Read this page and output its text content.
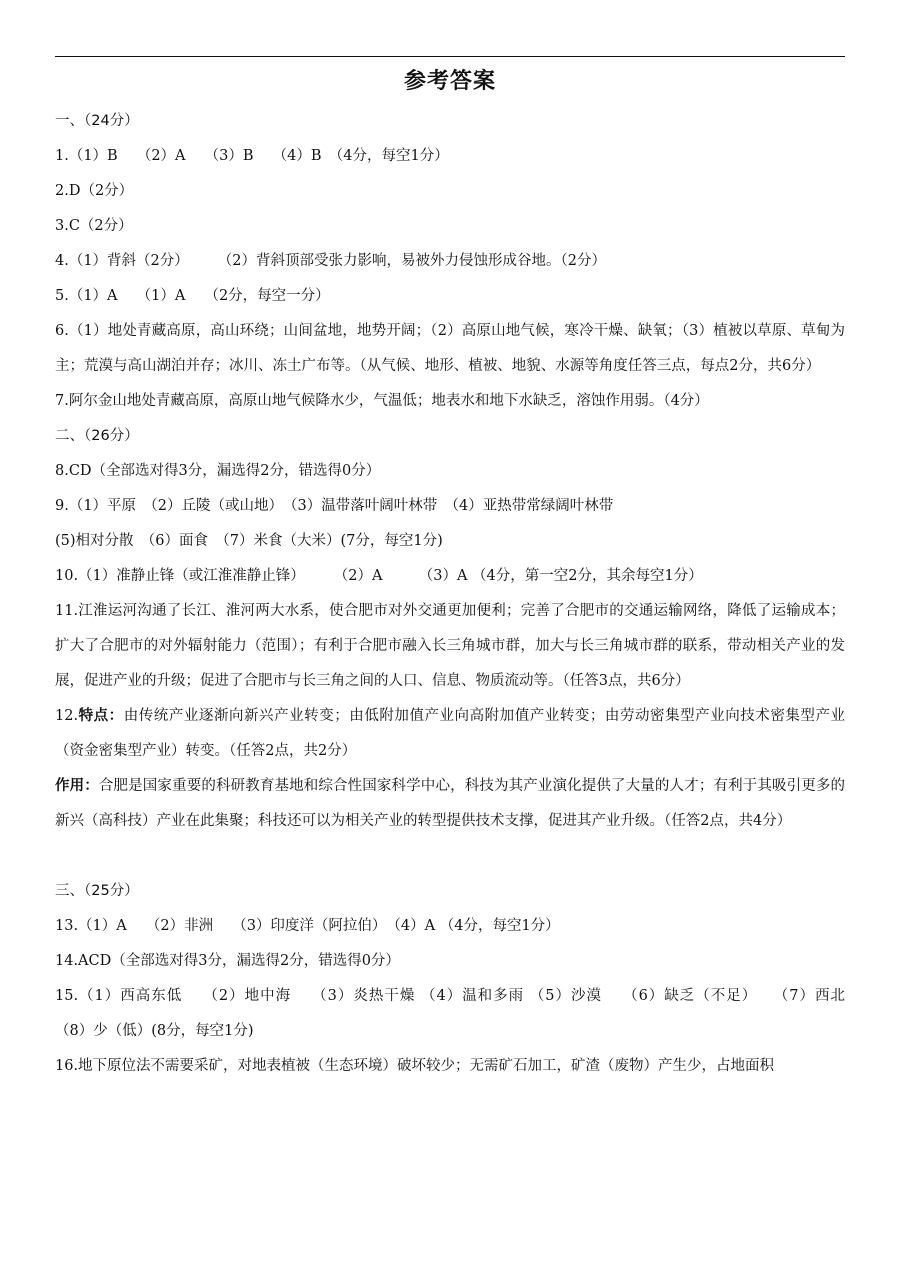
参考答案
一、（24分）
1.（1）B　 （2）A　 （3）B　 （4）B　（4分，每空1分）
2.D（2分）
3.C（2分）
4.（1）背斜（2分）　　　（2）背斜顶部受张力影响，易被外力侵蚀形成谷地。（2分）
5.（1）A　 （1）A　 （2分，每空一分）
6.（1）地处青藏高原，高山环绕；山间盆地，地势开阔；（2）高原山地气候，寒冷干燥、缺氧；（3）植被以草原、草甸为主；荒漠与高山湖泊并存；冰川、冻土广布等。（从气候、地形、植被、地貌、水源等角度任答三点，每点2分，共6分）
7.阿尔金山地处青藏高原，高原山地气候降水少，气温低；地表水和地下水缺乏，溶蚀作用弱。（4分）
二、（26分）
8.CD（全部选对得3分，漏选得2分，错选得0分）
9.（1）平原　（2）丘陵（或山地）　（3）温带落叶阔叶林带　（4）亚热带常绿阔叶林带
(5)相对分散　（6）面食　（7）米食（大米）(7分，每空1分)
10.（1）准静止锋（或江淮准静止锋）　　　（2）A　　　（3）A （4分，第一空2分，其余每空1分）
11.江淮运河沟通了长江、淮河两大水系，使合肥市对外交通更加便利；完善了合肥市的交通运输网络，降低了运输成本；扩大了合肥市的对外辐射能力（范围）；有利于合肥市融入长三角城市群，加大与长三角城市群的联系，带动相关产业的发展，促进产业的升级；促进了合肥市与长三角之间的人口、信息、物质流动等。（任答3点，共6分）
12.特点：由传统产业逐渐向新兴产业转变；由低附加值产业向高附加值产业转变；由劳动密集型产业向技术密集型产业（资金密集型产业）转变。（任答2点，共2分）
作用：合肥是国家重要的科研教育基地和综合性国家科学中心，科技为其产业演化提供了大量的人才；有利于其吸引更多的新兴（高科技）产业在此集聚；科技还可以为相关产业的转型提供技术支撑，促进其产业升级。（任答2点，共4分）
三、（25分）
13.（1）A　 （2）非洲　 （3）印度洋（阿拉伯）　（4）A （4分，每空1分）
14.ACD（全部选对得3分，漏选得2分，错选得0分）
15.（1）西高东低　 （2）地中海　 （3）炎热干燥 （4）温和多雨 （5）沙漠　 （6）缺乏（不足）　　（7）西北　　 （8）少（低）(8分，每空1分)
16.地下原位法不需要采矿，对地表植被（生态环境）破坏较少；无需矿石加工，矿渣（废物）产生少，占地面积
